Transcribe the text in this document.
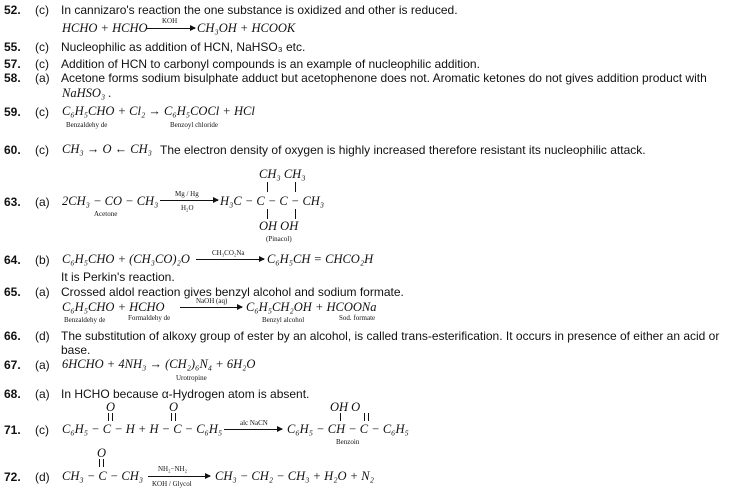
52. (c) In cannizaro's reaction the one substance is oxidized and other is reduced.
HCHO + HCHO KOH → CH₃OH + HCOOK
55. (c) Nucleophilic as addition of HCN, NaHSO₃ etc.
57. (c) Addition of HCN to carbonyl compounds is an example of nucleophilic addition.
58. (a) Acetone forms sodium bisulphate adduct but acetophenone does not. Aromatic ketones do not gives addition product with
NaHSO₃ .
59. (c) C₆H₅CHO + Cl₂ → C₆H₅COCl + HCl
Benzaldehy de	Benzoyl chloride
60. (c) CH₃ → O ← CH₃ The electron density of oxygen is highly increased therefore resistant its nucleophilic attack.
CH₃ CH₃
63. (a) 2CH₃ − CO − CH₃
Acetone
Mg / Hg
H₂O H₃C − C − C − CH₃
OH OH
(Pinacol)
64. (b) C₆H₅CHO + (CH₃CO)₂O	CH₃CO₂Na C₆H₅CH = CHCO₂H
It is Perkin's reaction.
65. (a) Crossed aldol reaction gives benzyl alcohol and sodium formate.
C₆H₅CHO + HCHO	NaOH (aq) → C₆H₅CH₂OH + HCOONa
Benzaldehy de	Formaldehy de	Benzyl alcohol	Sod. formate
66. (d) The substitution of alkoxy group of ester by an alcohol, is called trans-esterification. It occurs in presence of either an acid or
base.
67. (a) 6HCHO + 4NH₃ → (CH₂)₆N₄ + 6H₂O
Urotropine
68. (a) In HCHO because α-Hydrogen atom is absent.
O	O	OH O
71. (c) C₆H₅ − C − H + H − C − C₆H₅	alc NaCN → C₆H₅ − CH − C − C₆H₅
Benzoin
O
72. (d) CH₃ − C − CH₃ NH₂−NH₂
KOH / Glycol
CH₃ − CH₂ − CH₃ + H₂O + N₂
